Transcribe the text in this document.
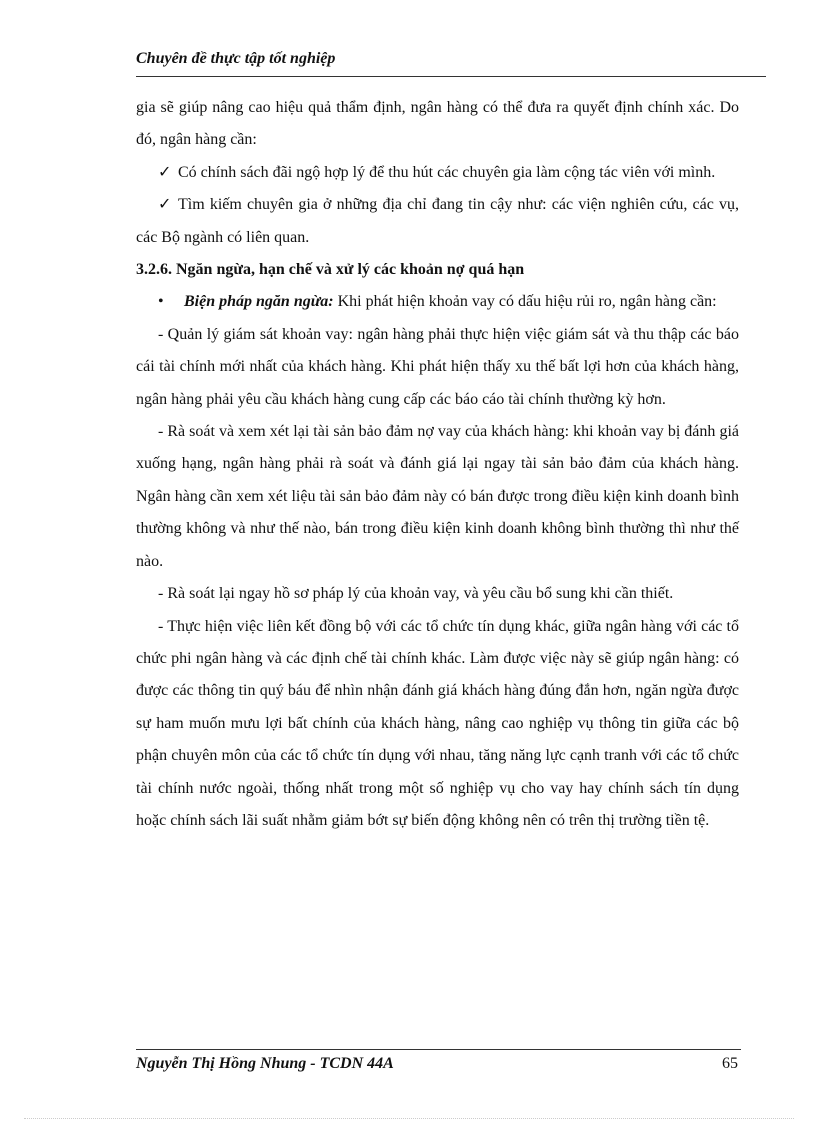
Chuyên đề thực tập tốt nghiệp

gia sẽ giúp nâng cao hiệu quả thẩm định, ngân hàng có thể đưa ra quyết định chính xác. Do đó, ngân hàng cần:

✓ Có chính sách đãi ngộ hợp lý để thu hút các chuyên gia làm cộng tác viên với mình.

✓ Tìm kiếm chuyên gia ở những địa chỉ đang tin cậy như: các viện nghiên cứu, các vụ, các Bộ ngành có liên quan.

3.2.6. Ngăn ngừa, hạn chế và xử lý các khoản nợ quá hạn

• Biện pháp ngăn ngừa: Khi phát hiện khoản vay có dấu hiệu rủi ro, ngân hàng cần:

- Quản lý giám sát khoản vay: ngân hàng phải thực hiện việc giám sát và thu thập các báo cái tài chính mới nhất của khách hàng. Khi phát hiện thấy xu thế bất lợi hơn của khách hàng, ngân hàng phải yêu cầu khách hàng cung cấp các báo cáo tài chính thường kỳ hơn.

- Rà soát và xem xét lại tài sản bảo đảm nợ vay của khách hàng: khi khoản vay bị đánh giá xuống hạng, ngân hàng phải rà soát và đánh giá lại ngay tài sản bảo đảm của khách hàng. Ngân hàng cần xem xét liệu tài sản bảo đảm này có bán được trong điều kiện kinh doanh bình thường không và như thế nào, bán trong điều kiện kinh doanh không bình thường thì như thế nào.

- Rà soát lại ngay hồ sơ pháp lý của khoản vay, và yêu cầu bổ sung khi cần thiết.

- Thực hiện việc liên kết đồng bộ với các tổ chức tín dụng khác, giữa ngân hàng với các tổ chức phi ngân hàng và các định chế tài chính khác. Làm được việc này sẽ giúp ngân hàng: có được các thông tin quý báu để nhìn nhận đánh giá khách hàng đúng đắn hơn, ngăn ngừa được sự ham muốn mưu lợi bất chính của khách hàng, nâng cao nghiệp vụ thông tin giữa các bộ phận chuyên môn của các tổ chức tín dụng với nhau, tăng năng lực cạnh tranh với các tổ chức tài chính nước ngoài, thống nhất trong một số nghiệp vụ cho vay hay chính sách tín dụng hoặc chính sách lãi suất nhằm giảm bớt sự biến động không nên có trên thị trường tiền tệ.

Nguyễn Thị Hồng Nhung - TCDN 44A	65
